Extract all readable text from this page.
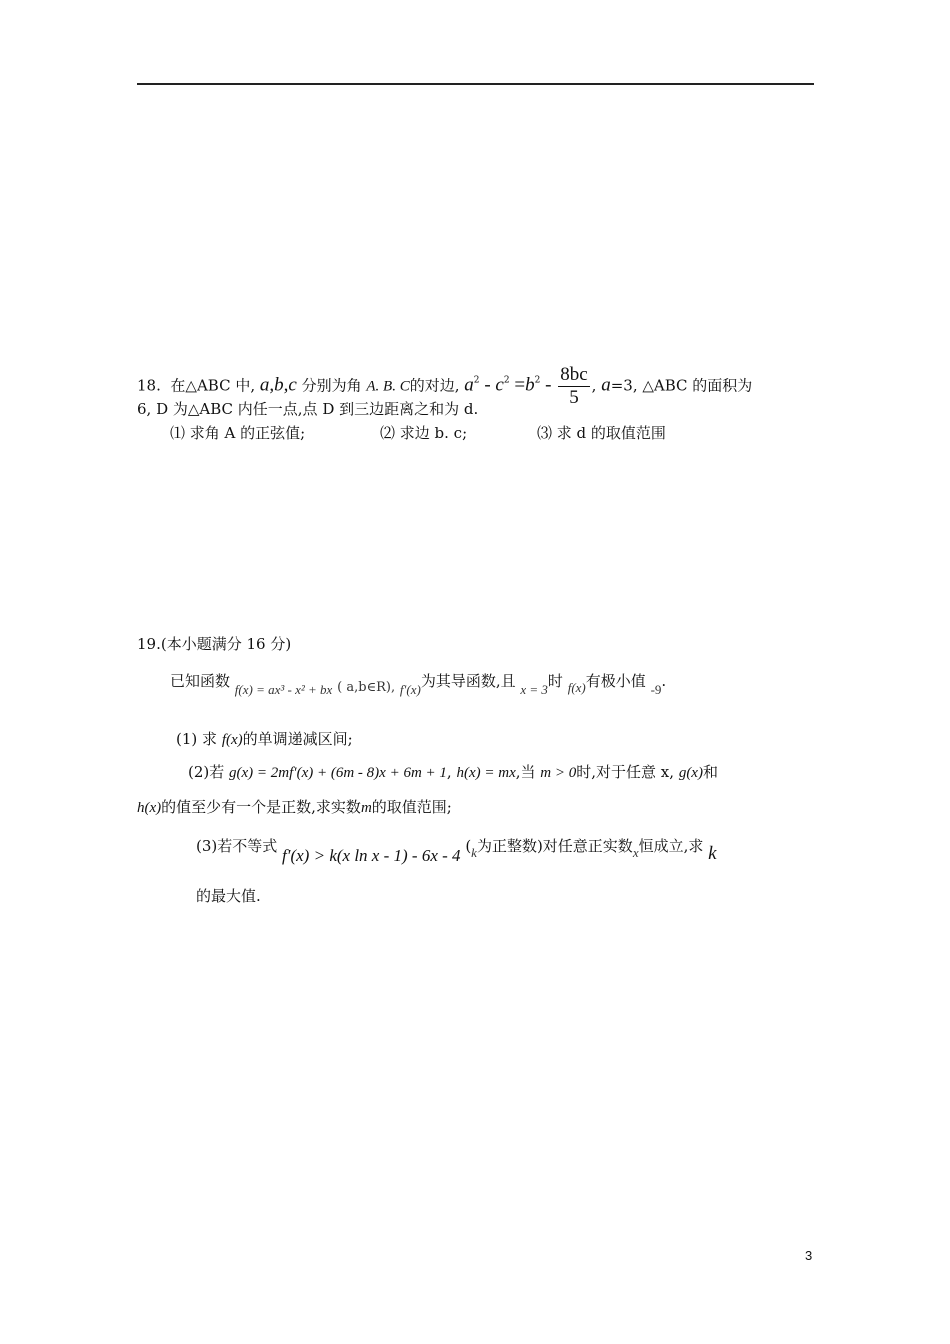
18. 在△ABC 中, a,b,c 分别为角 A. B. C的对边, $a^2 - c^2 =b^2 - \frac{8bc}{5}$ , a=3, △ABC 的面积为
6, D 为△ABC 内任一点,点 D 到三边距离之和为 d.
⑴ 求角 A 的正弦值;	⑵ 求边 b. c;	⑶ 求 d 的取值范围
19.(本小题满分 16 分)
已知函数 f(x) = ax³ - x² + bx ( a,b∈R), f′(x)为其导函数,且 x = 3时 f(x)有极小值 -9.
(1) 求 f(x)的单调递减区间;
(2)若 g(x) = 2mf′(x) + (6m - 8)x + 6m + 1, h(x) = mx,当 m > 0时,对于任意 x, g(x)和
h(x)的值至少有一个是正数,求实数m的取值范围;
(3)若不等式 f′(x) > k(x ln x - 1) - 6x - 4 (k为正整数)对任意正实数x恒成立,求 k
的最大值.
3
